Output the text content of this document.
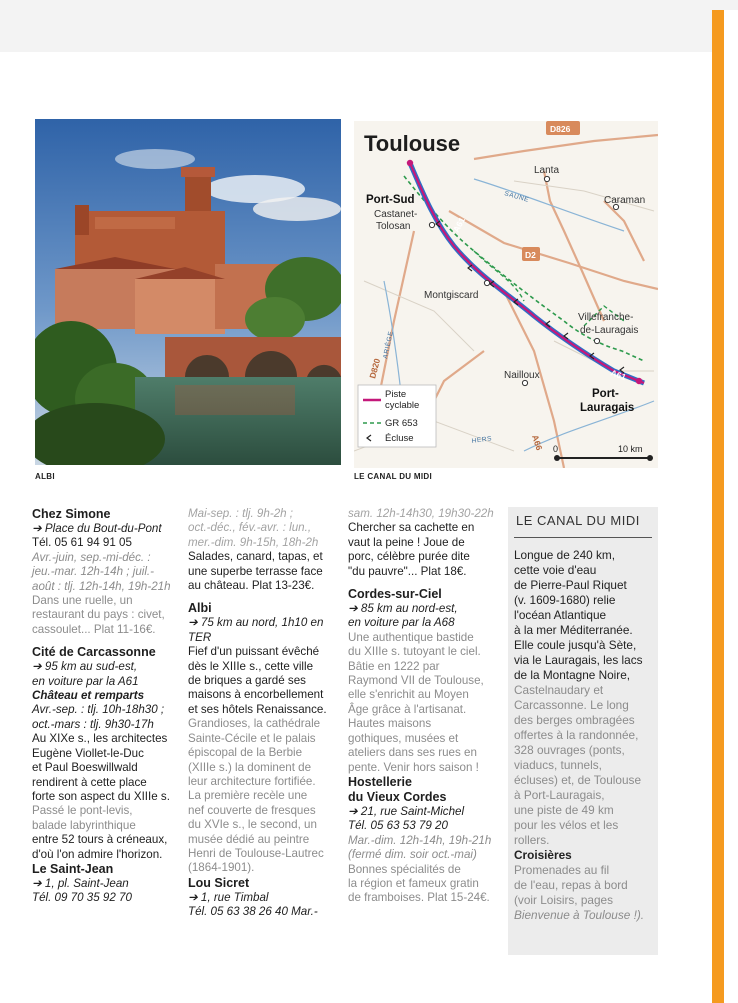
ALBI
D826
D2
A61
A61
D820
A66
SAUNE
ARIÈGE
HERS
Toulouse
Lanta
Caraman
Port-Sud
Castanet-
Tolosan
Montgiscard
Villefranche-
de-Lauragais
Nailloux
Port-
Lauragais
Piste
cyclable
GR 653
Écluse
0	10 km
LE CANAL DU MIDI

Chez Simone

➔ Place du Bout-du-Pont

Tél. 05 61 94 91 05

Avr.-juin, sep.-mi-déc. :

jeu.-mar. 12h-14h ; juil.-

août : tlj. 12h-14h, 19h-21h

Dans une ruelle, un

restaurant du pays : civet,

cassoulet... Plat 11-16€.

Cité de Carcassonne

➔ 95 km au sud-est,

en voiture par la A61

Château et remparts

Avr.-sep. : tlj. 10h-18h30 ;

oct.-mars : tlj. 9h30-17h

Au XIXe s., les architectes

Eugène Viollet-le-Duc

et Paul Boeswillwald

rendirent à cette place

forte son aspect du XIIIe s.

Passé le pont-levis,

balade labyrinthique

entre 52 tours à créneaux,

d'où l'on admire l'horizon.

Le Saint-Jean

➔ 1, pl. Saint-Jean

Tél. 09 70 35 92 70

Mai-sep. : tlj. 9h-2h ;

oct.-déc., fév.-avr. : lun.,

mer.-dim. 9h-15h, 18h-2h

Salades, canard, tapas, et

une superbe terrasse face

au château. Plat 13-23€.

Albi

➔ 75 km au nord, 1h10 en TER

Fief d'un puissant évêché

dès le XIIIe s., cette ville

de briques a gardé ses

maisons à encorbellement

et ses hôtels Renaissance.

Grandioses, la cathédrale

Sainte-Cécile et le palais

épiscopal de la Berbie

(XIIIe s.) la dominent de

leur architecture fortifiée.

La première recèle une

nef couverte de fresques

du XVIe s., le second, un

musée dédié au peintre

Henri de Toulouse-Lautrec

(1864-1901).

Lou Sicret

➔ 1, rue Timbal

Tél. 05 63 38 26 40 Mar.-

sam. 12h-14h30, 19h30-22h

Chercher sa cachette en

vaut la peine ! Joue de

porc, célèbre purée dite

"du pauvre"... Plat 18€.

Cordes-sur-Ciel

➔ 85 km au nord-est,

en voiture par la A68

Une authentique bastide

du XIIIe s. tutoyant le ciel.

Bâtie en 1222 par

Raymond VII de Toulouse,

elle s'enrichit au Moyen

Âge grâce à l'artisanat.

Hautes maisons

gothiques, musées et

ateliers dans ses rues en

pente. Venir hors saison !

Hostellerie

du Vieux Cordes

➔ 21, rue Saint-Michel

Tél. 05 63 53 79 20

Mar.-dim. 12h-14h, 19h-21h

(fermé dim. soir oct.-mai)

Bonnes spécialités de

la région et fameux gratin

de framboises. Plat 15-24€.

LE CANAL DU MIDI

Longue de 240 km,

cette voie d'eau

de Pierre-Paul Riquet

(v. 1609-1680) relie

l'océan Atlantique

à la mer Méditerranée.

Elle coule jusqu'à Sète,

via le Lauragais, les lacs

de la Montagne Noire,

Castelnaudary et

Carcassonne. Le long

des berges ombragées

offertes à la randonnée,

328 ouvrages (ponts,

viaducs, tunnels,

écluses) et, de Toulouse

à Port-Lauragais,

une piste de 49 km

pour les vélos et les

rollers.

Croisières

Promenades au fil

de l'eau, repas à bord

(voir Loisirs, pages

Bienvenue à Toulouse !).
